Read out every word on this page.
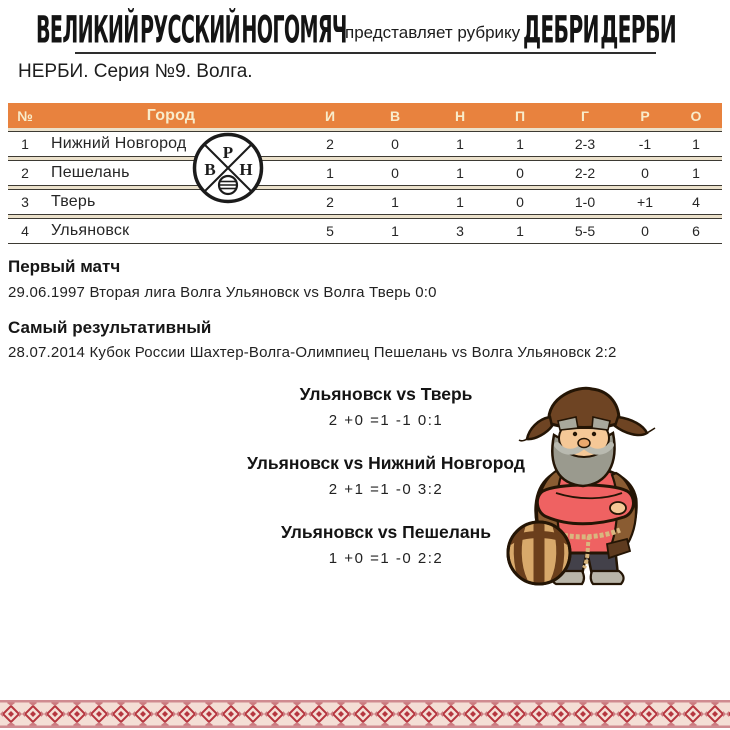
ВЕЛИКИЙ РУССКИЙ НОГОМЯЧ
представляет рубрику ДЕБРИ ДЕРБИ
НЕРБИ. Серия №9. Волга.
№	Город	И	В	Н	П	Г	Р	О
1	Нижний Новгород	2	0	1	1	2-3	-1	1
2	Пешелань	1	0	1	0	2-2	0	1
3	Тверь	2	1	1	0	1-0	+1	4
4	Ульяновск	5	1	3	1	5-5	0	6
Р
В Н
Первый матч
29.06.1997 Вторая лига Волга Ульяновск vs Волга Тверь 0:0
Самый результативный
28.07.2014 Кубок России Шахтер-Волга-Олимпиец Пешелань vs Волга Ульяновск 2:2

Ульяновск vs Тверь

2 +0 =1 -1 0:1

Ульяновск vs Нижний Новгород

2 +1 =1 -0 3:2

Ульяновск vs Пешелань

1 +0 =1 -0 2:2
